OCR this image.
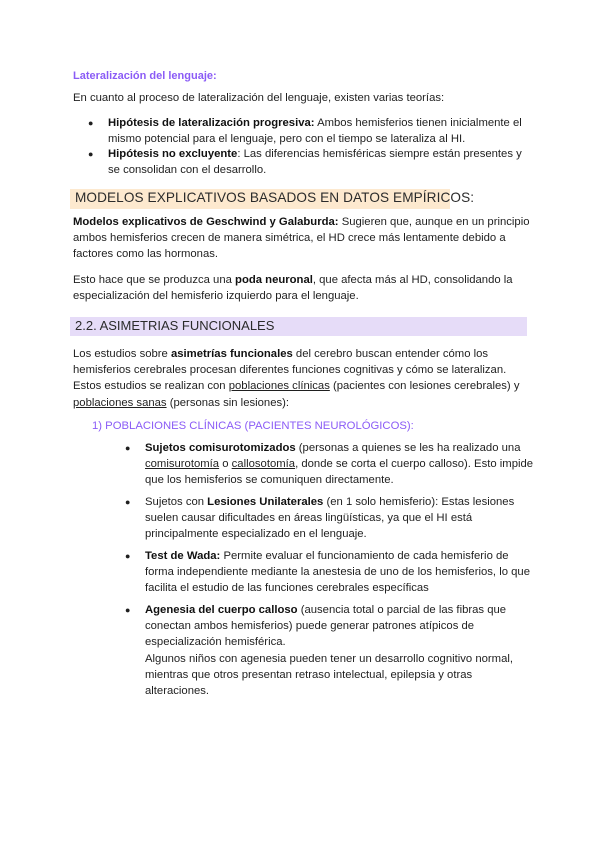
Lateralización del lenguaje:

En cuanto al proceso de lateralización del lenguaje, existen varias teorías:

● Hipótesis de lateralización progresiva: Ambos hemisferios tienen inicialmente el
mismo potencial para el lenguaje, pero con el tiempo se lateraliza al HI.
● Hipótesis no excluyente: Las diferencias hemisféricas siempre están presentes y
se consolidan con el desarrollo.
MODELOS EXPLICATIVOS BASADOS EN DATOS EMPÍRICOS:
Modelos explicativos de Geschwind y Galaburda: Sugieren que, aunque en un principio
ambos hemisferios crecen de manera simétrica, el HD crece más lentamente debido a
factores como las hormonas.
Esto hace que se produzca una poda neuronal, que afecta más al HD, consolidando la
especialización del hemisferio izquierdo para el lenguaje.
2.2. ASIMETRIAS FUNCIONALES
Los estudios sobre asimetrías funcionales del cerebro buscan entender cómo los
hemisferios cerebrales procesan diferentes funciones cognitivas y cómo se lateralizan.
Estos estudios se realizan con poblaciones clínicas (pacientes con lesiones cerebrales) y
poblaciones sanas (personas sin lesiones):
1) POBLACIONES CLÍNICAS (PACIENTES NEUROLÓGICOS):
● Sujetos comisurotomizados (personas a quienes se les ha realizado una
comisurotomía o callosotomía, donde se corta el cuerpo calloso). Esto impide
que los hemisferios se comuniquen directamente.
● Sujetos con Lesiones Unilaterales (en 1 solo hemisferio): Estas lesiones
suelen causar dificultades en áreas lingüísticas, ya que el HI está
principalmente especializado en el lenguaje.
● Test de Wada: Permite evaluar el funcionamiento de cada hemisferio de
forma independiente mediante la anestesia de uno de los hemisferios, lo que
facilita el estudio de las funciones cerebrales específicas
● Agenesia del cuerpo calloso (ausencia total o parcial de las fibras que
conectan ambos hemisferios) puede generar patrones atípicos de
especialización hemisférica.
Algunos niños con agenesia pueden tener un desarrollo cognitivo normal,
mientras que otros presentan retraso intelectual, epilepsia y otras
alteraciones.
